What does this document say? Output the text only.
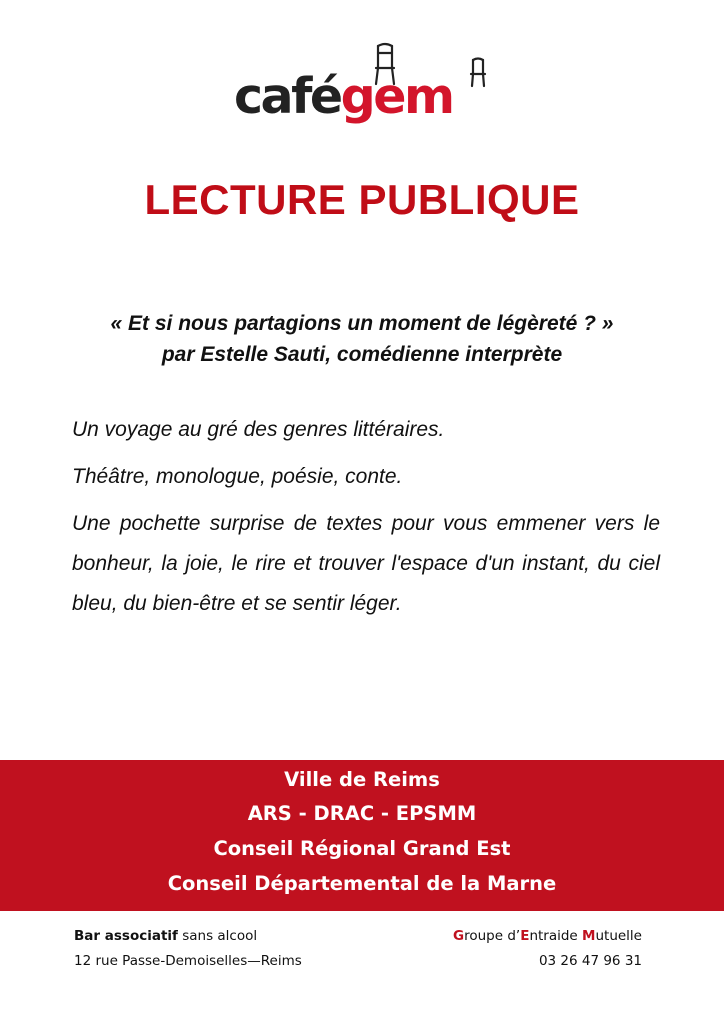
cafégem
LECTURE PUBLIQUE
« Et si nous partagions un moment de légèreté ? »
par Estelle Sauti, comédienne interprète

Un voyage au gré des genres littéraires.

Théâtre, monologue, poésie, conte.

Une pochette surprise de textes pour vous emmener vers le bonheur, la joie, le rire et trouver l'espace d'un instant, du ciel bleu, du bien-être et se sentir léger.

Ville de Reims
ARS - DRAC - EPSMM
Conseil Régional Grand Est
Conseil Départemental de la Marne
Bar associatif sans alcool
12 rue Passe-Demoiselles—Reims
Groupe d’Entraide Mutuelle
03 26 47 96 31
